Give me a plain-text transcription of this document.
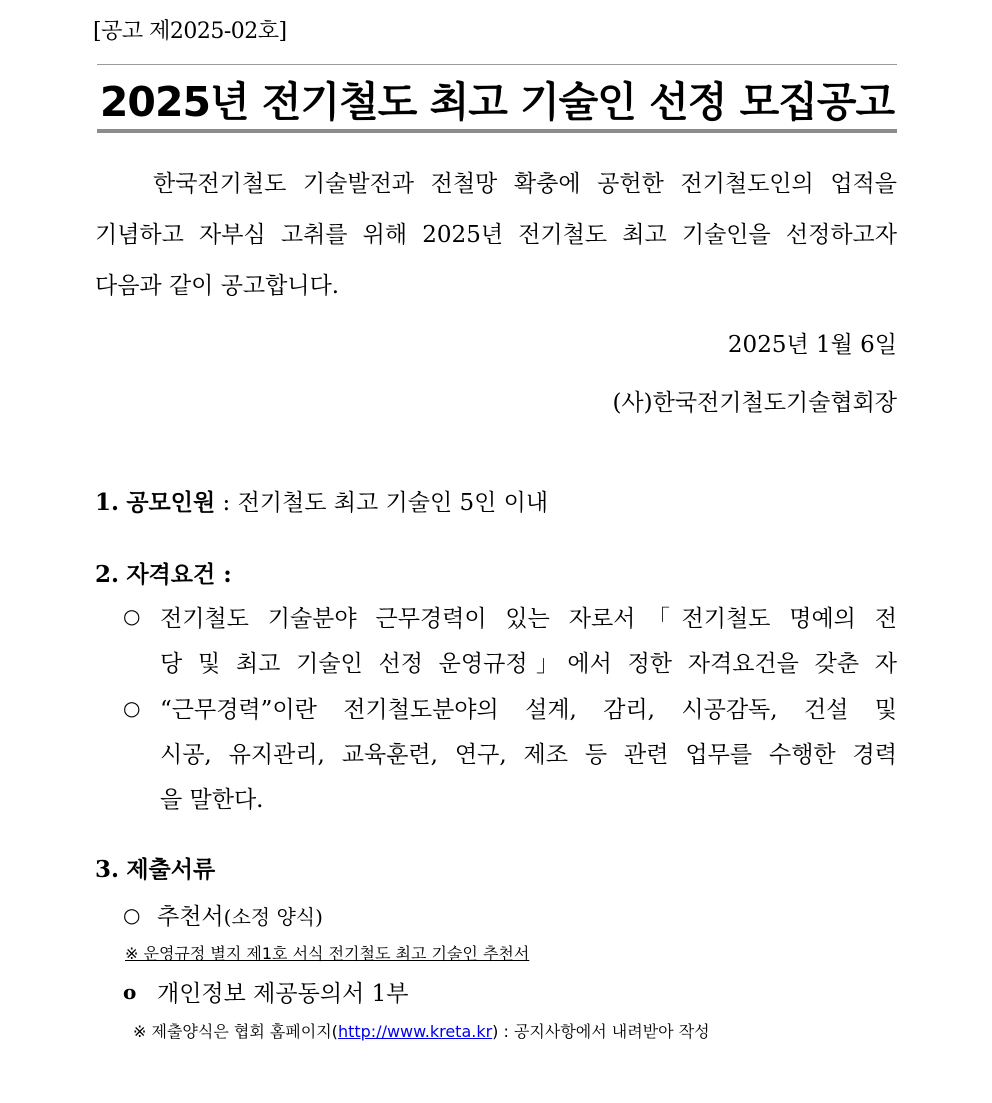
[공고 제2025-02호]
2025년 전기철도 최고 기술인 선정 모집공고
한국전기철도 기술발전과 전철망 확충에 공헌한 전기철도인의 업적을
기념하고 자부심 고취를 위해 2025년 전기철도 최고 기술인을 선정하고자
다음과 같이 공고합니다.
2025년 1월 6일
(사)한국전기철도기술협회장
1. 공모인원 : 전기철도 최고 기술인 5인 이내
2. 자격요건 :
○ 전기철도 기술분야 근무경력이 있는 자로서「전기철도 명예의 전
당 및 최고 기술인 선정 운영규정」에서 정한 자격요건을 갖춘 자
○ “근무경력”이란 전기철도분야의 설계, 감리, 시공감독, 건설 및
시공, 유지관리, 교육훈련, 연구, 제조 등 관련 업무를 수행한 경력
을 말한다.
3. 제출서류
○ 추천서(소정 양식)
※ 운영규정 별지 제1호 서식 전기철도 최고 기술인 추천서
o 개인정보 제공동의서 1부
※ 제출양식은 협회 홈페이지(http://www.kreta.kr) : 공지사항에서 내려받아 작성
